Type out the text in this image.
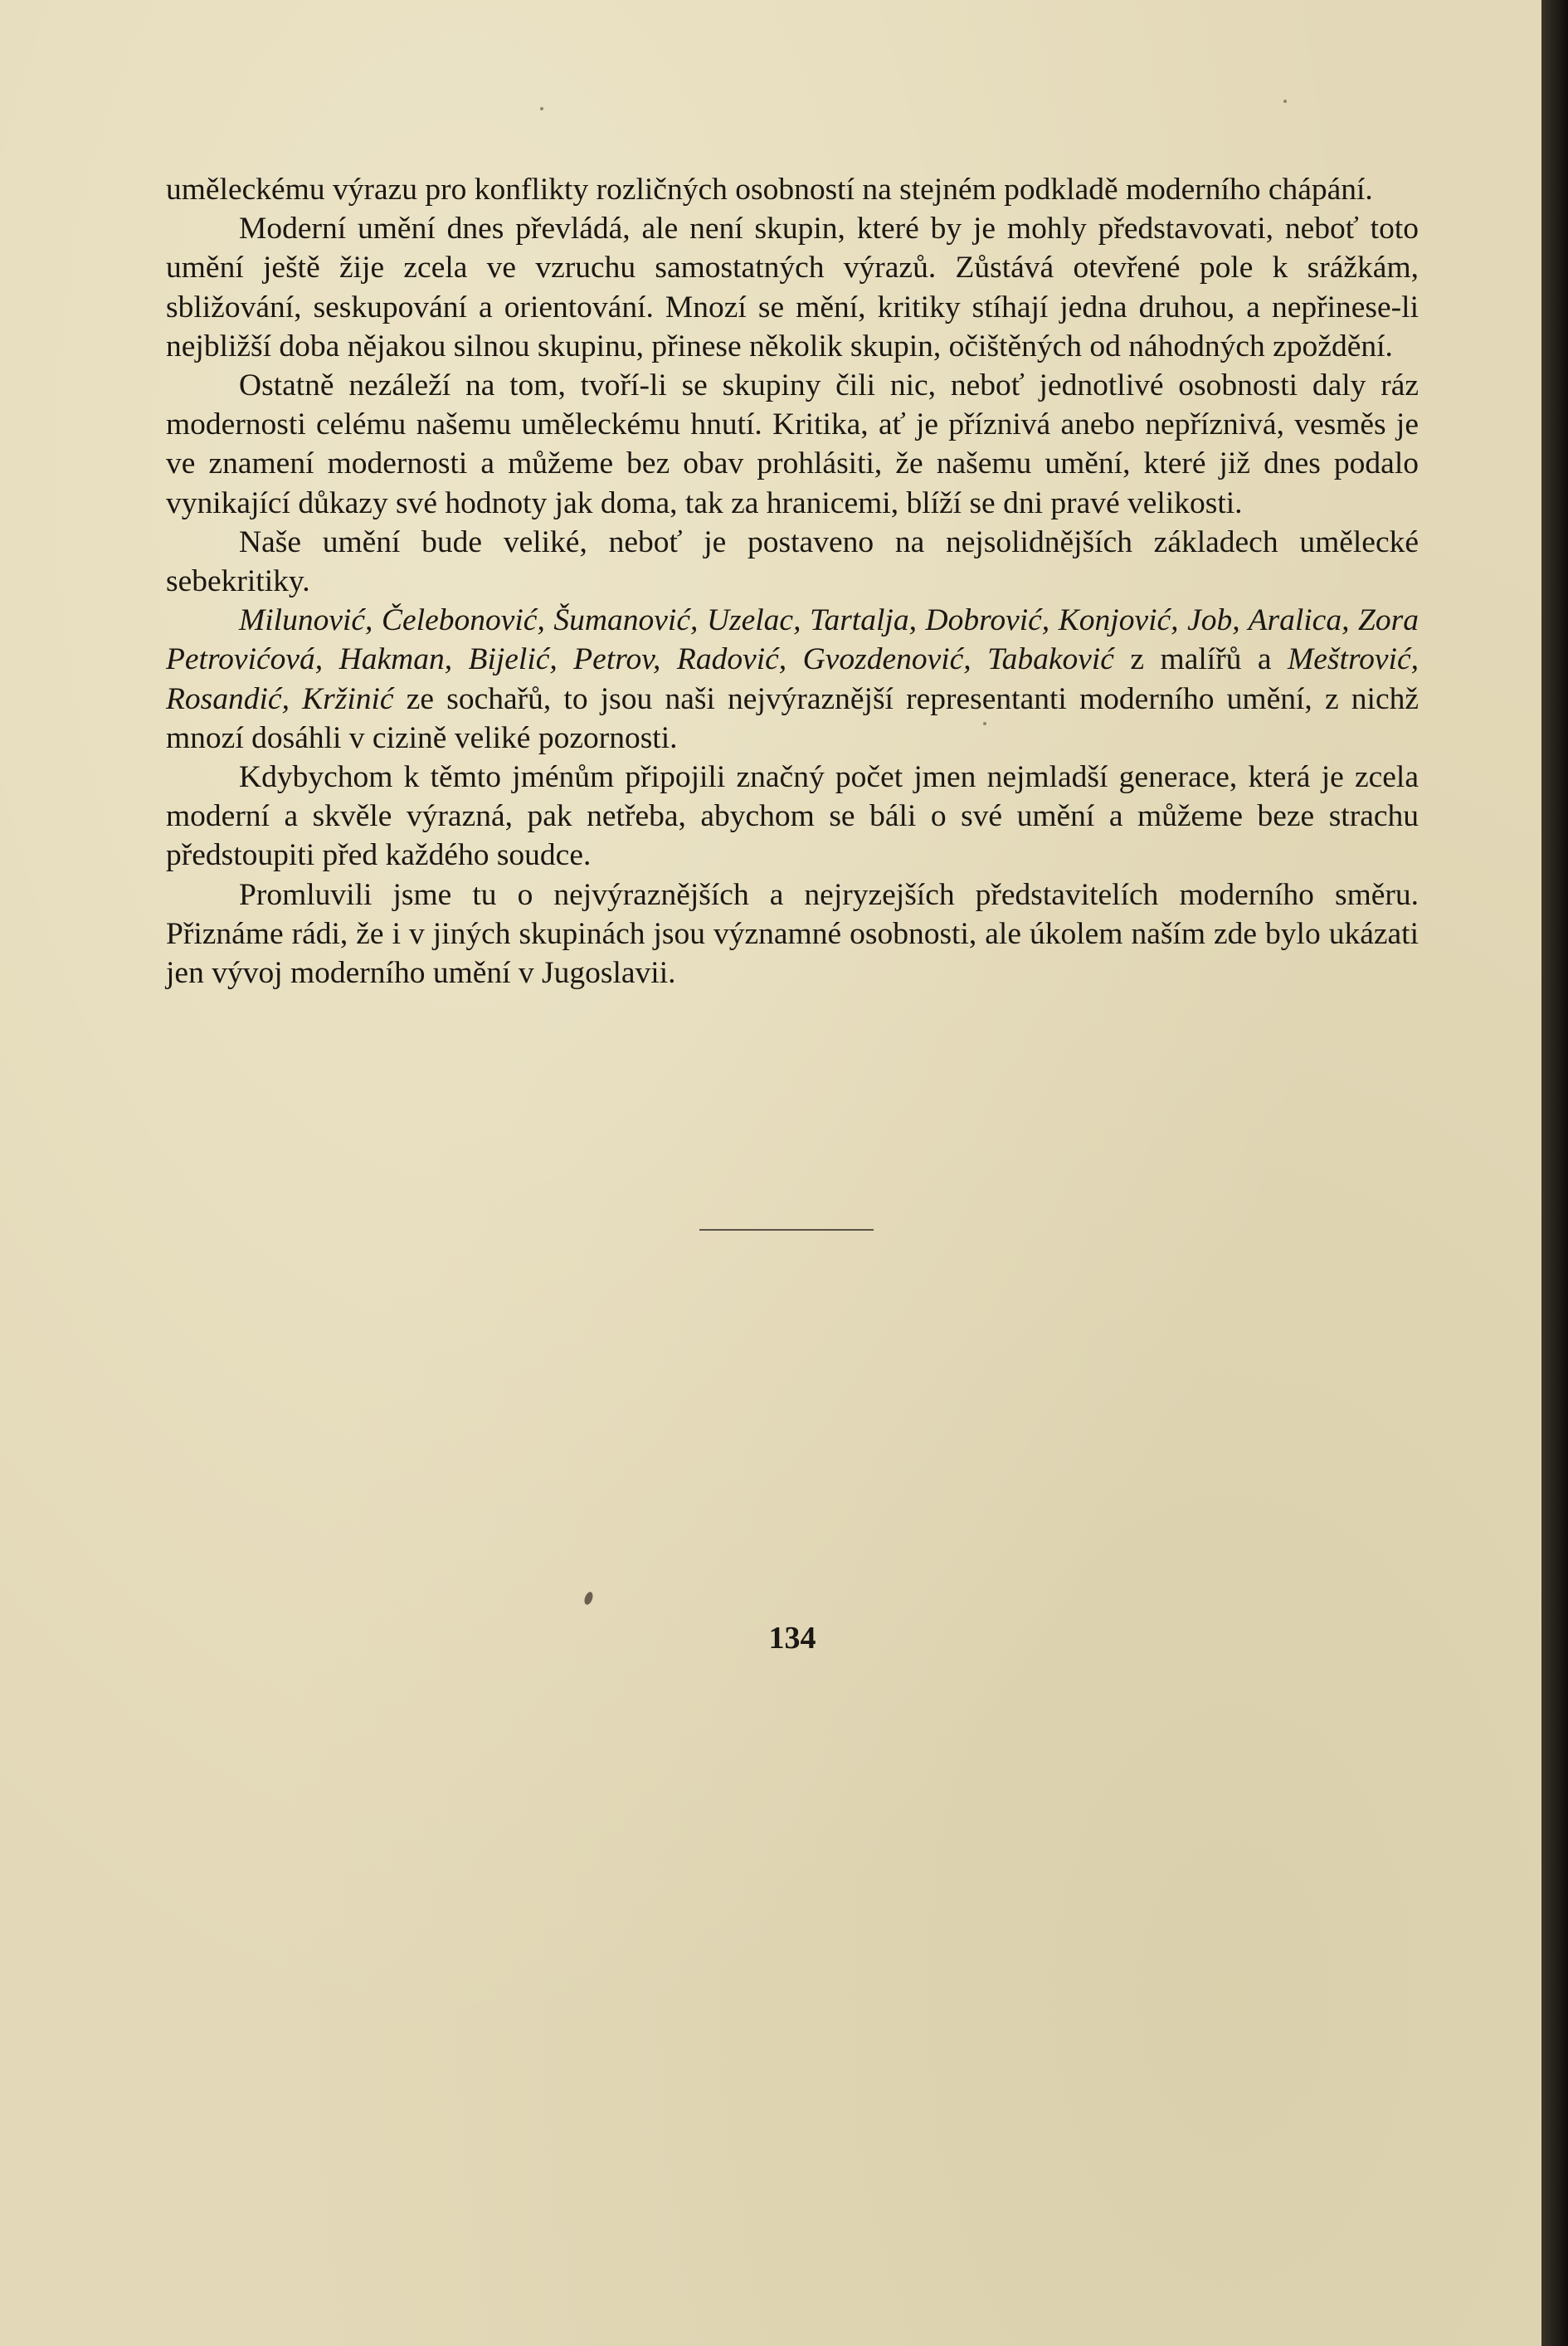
uměleckému výrazu pro konflikty rozličných osobností na stejném podkladě moderního chápání.

Moderní umění dnes převládá, ale není skupin, které by je mohly představovati, neboť toto umění ještě žije zcela ve vzruchu samostatných výrazů. Zůstává otevřené pole k srážkám, sbližování, seskupování a orientování. Mnozí se mění, kritiky stíhají jedna druhou, a nepřinese-li nejbližší doba nějakou silnou skupinu, přinese několik skupin, očištěných od náhodných zpoždění.

Ostatně nezáleží na tom, tvoří-li se skupiny čili nic, neboť jednotlivé osobnosti daly ráz modernosti celému našemu uměleckému hnutí. Kritika, ať je příznivá anebo nepříznivá, vesměs je ve znamení modernosti a můžeme bez obav prohlásiti, že našemu umění, které již dnes podalo vynikající důkazy své hodnoty jak doma, tak za hranicemi, blíží se dni pravé velikosti.

Naše umění bude veliké, neboť je postaveno na nejsolidnějších základech umělecké sebekritiky.

Milunović, Čelebonović, Šumanović, Uzelac, Tartalja, Dobrović, Konjović, Job, Aralica, Zora Petrovićová, Hakman, Bijelić, Petrov, Radović, Gvozdenović, Tabaković z malířů a Meštrović, Rosandić, Kržinić ze sochařů, to jsou naši nejvýraznější representanti moderního umění, z nichž mnozí dosáhli v cizině veliké pozornosti.

Kdybychom k těmto jménům připojili značný počet jmen nejmladší generace, která je zcela moderní a skvěle výrazná, pak netřeba, abychom se báli o své umění a můžeme beze strachu předstoupiti před každého soudce.

Promluvili jsme tu o nejvýraznějších a nejryzejších představitelích moderního směru. Přiznáme rádi, že i v jiných skupinách jsou významné osobnosti, ale úkolem naším zde bylo ukázati jen vývoj moderního umění v Jugoslavii.

134
